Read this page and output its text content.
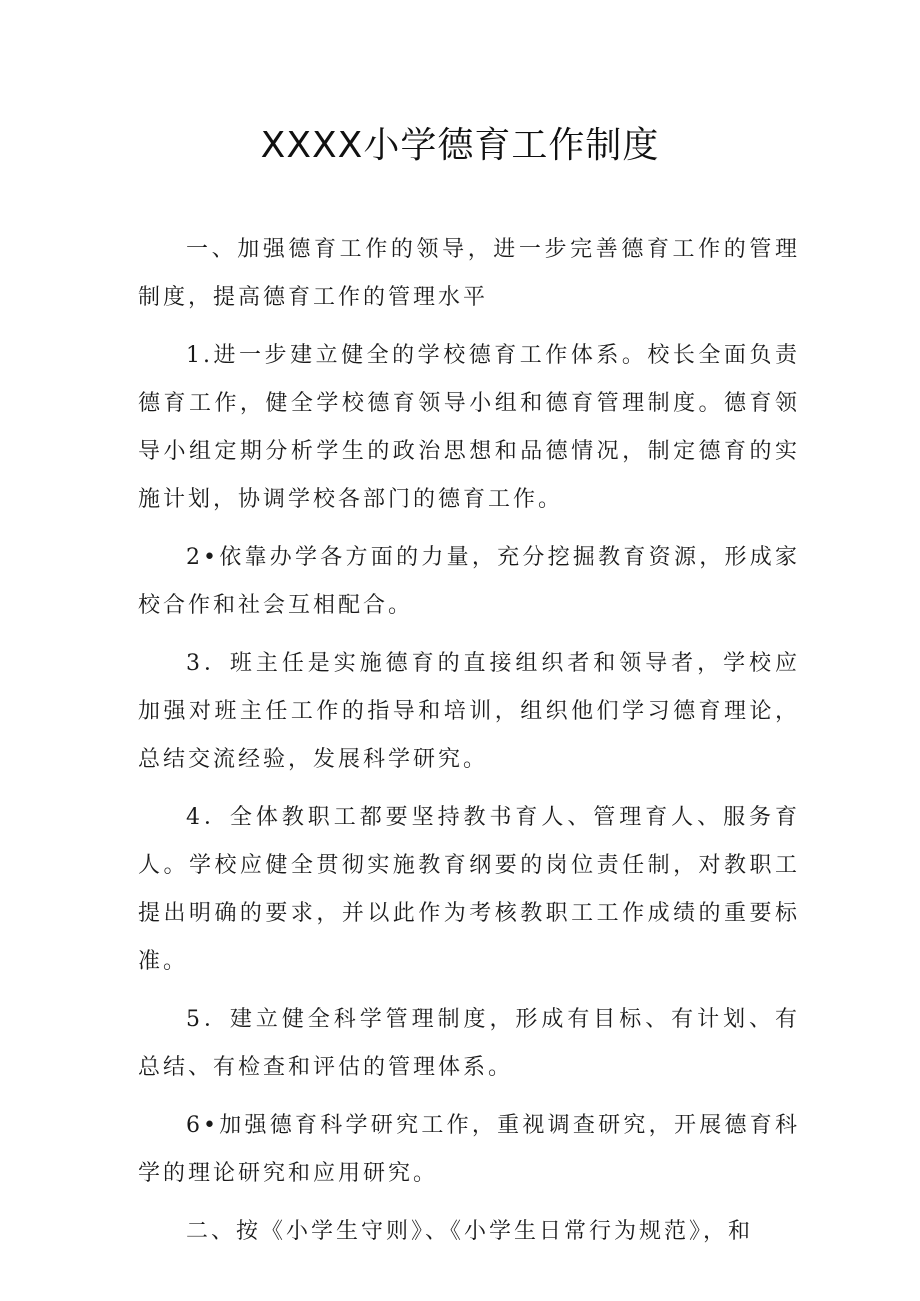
XXXX小学德育工作制度

一、加强德育工作的领导，进一步完善德育工作的管理制度，提高德育工作的管理水平

1.进一步建立健全的学校德育工作体系。校长全面负责德育工作，健全学校德育领导小组和德育管理制度。德育领导小组定期分析学生的政治思想和品德情况，制定德育的实施计划，协调学校各部门的德育工作。

2•依靠办学各方面的力量，充分挖掘教育资源，形成家校合作和社会互相配合。

3．班主任是实施德育的直接组织者和领导者，学校应加强对班主任工作的指导和培训，组织他们学习德育理论，总结交流经验，发展科学研究。

4．全体教职工都要坚持教书育人、管理育人、服务育人。学校应健全贯彻实施教育纲要的岗位责任制，对教职工提出明确的要求，并以此作为考核教职工工作成绩的重要标准。

5．建立健全科学管理制度，形成有目标、有计划、有总结、有检查和评估的管理体系。

6•加强德育科学研究工作，重视调查研究，开展德育科学的理论研究和应用研究。

二、按《小学生守则》、《小学生日常行为规范》，和
